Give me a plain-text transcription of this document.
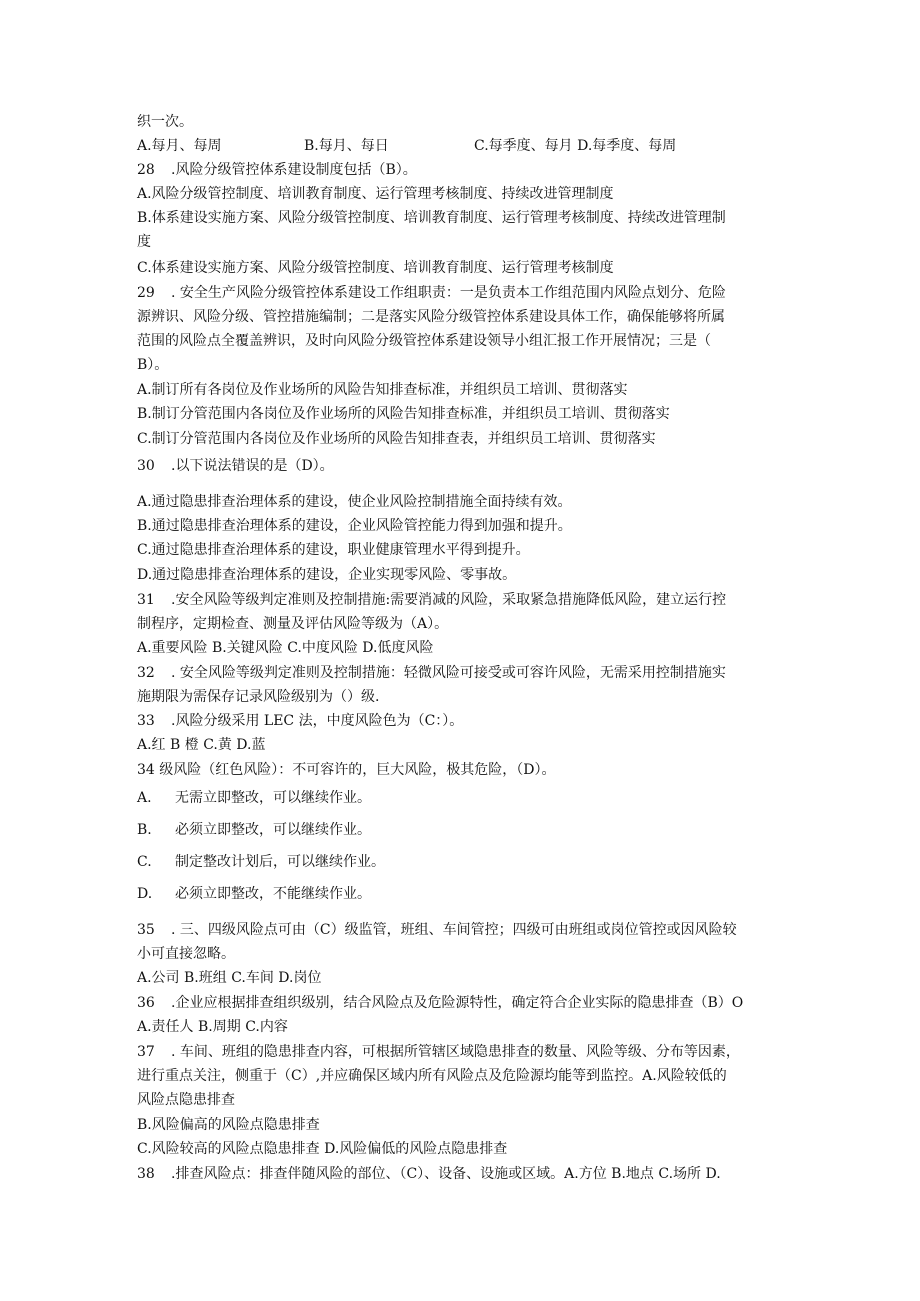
织一次。
A.每月、每周	B.每月、每日	C.每季度、每月 D.每季度、每周
28 .风险分级管控体系建设制度包括（B）。
A.风险分级管控制度、培训教育制度、运行管理考核制度、持续改进管理制度
B.体系建设实施方案、风险分级管控制度、培训教育制度、运行管理考核制度、持续改进管理制
度
C.体系建设实施方案、风险分级管控制度、培训教育制度、运行管理考核制度
29 . 安全生产风险分级管控体系建设工作组职责：一是负责本工作组范围内风险点划分、危险
源辨识、风险分级、管控措施编制；二是落实风险分级管控体系建设具体工作，确保能够将所属
范围的风险点全覆盖辨识，及时向风险分级管控体系建设领导小组汇报工作开展情况；三是（
B）。
A.制订所有各岗位及作业场所的风险告知排查标准，并组织员工培训、贯彻落实
B.制订分管范围内各岗位及作业场所的风险告知排查标准，并组织员工培训、贯彻落实
C.制订分管范围内各岗位及作业场所的风险告知排查表，并组织员工培训、贯彻落实
30 .以下说法错误的是（D）。
A.通过隐患排查治理体系的建设，使企业风险控制措施全面持续有效。
B.通过隐患排查治理体系的建设，企业风险管控能力得到加强和提升。
C.通过隐患排查治理体系的建设，职业健康管理水平得到提升。
D.通过隐患排查治理体系的建设，企业实现零风险、零事故。
31 .安全风险等级判定准则及控制措施:需要消减的风险，采取紧急措施降低风险，建立运行控
制程序，定期检查、测量及评估风险等级为（A）。
A.重要风险 B.关键风险 C.中度风险 D.低度风险
32 . 安全风险等级判定准则及控制措施：轻微风险可接受或可容许风险，无需采用控制措施实
施期限为需保存记录风险级别为（）级.
33 .风险分级采用 LEC 法，中度风险色为（C：）。
A.红 B 橙 C.黄 D.蓝
34 级风险（红色风险）：不可容许的，巨大风险，极其危险，（D）。
A. 无需立即整改，可以继续作业。
B. 必须立即整改，可以继续作业。
C. 制定整改计划后，可以继续作业。
D. 必须立即整改，不能继续作业。
35 . 三、四级风险点可由（C）级监管，班组、车间管控；四级可由班组或岗位管控或因风险较
小可直接忽略。
A.公司 B.班组 C.车间 D.岗位
36 .企业应根据排查组织级别，结合风险点及危险源特性，确定符合企业实际的隐患排查（B）O
A.责任人 B.周期 C.内容
37 . 车间、班组的隐患排查内容，可根据所管辖区域隐患排查的数量、风险等级、分布等因素，
进行重点关注，侧重于（C）,并应确保区域内所有风险点及危险源均能等到监控。A.风险较低的
风险点隐患排查
B.风险偏高的风险点隐患排查
C.风险较高的风险点隐患排查 D.风险偏低的风险点隐患排查
38 .排查风险点：排查伴随风险的部位、（C）、设备、设施或区域。A.方位 B.地点 C.场所 D.
